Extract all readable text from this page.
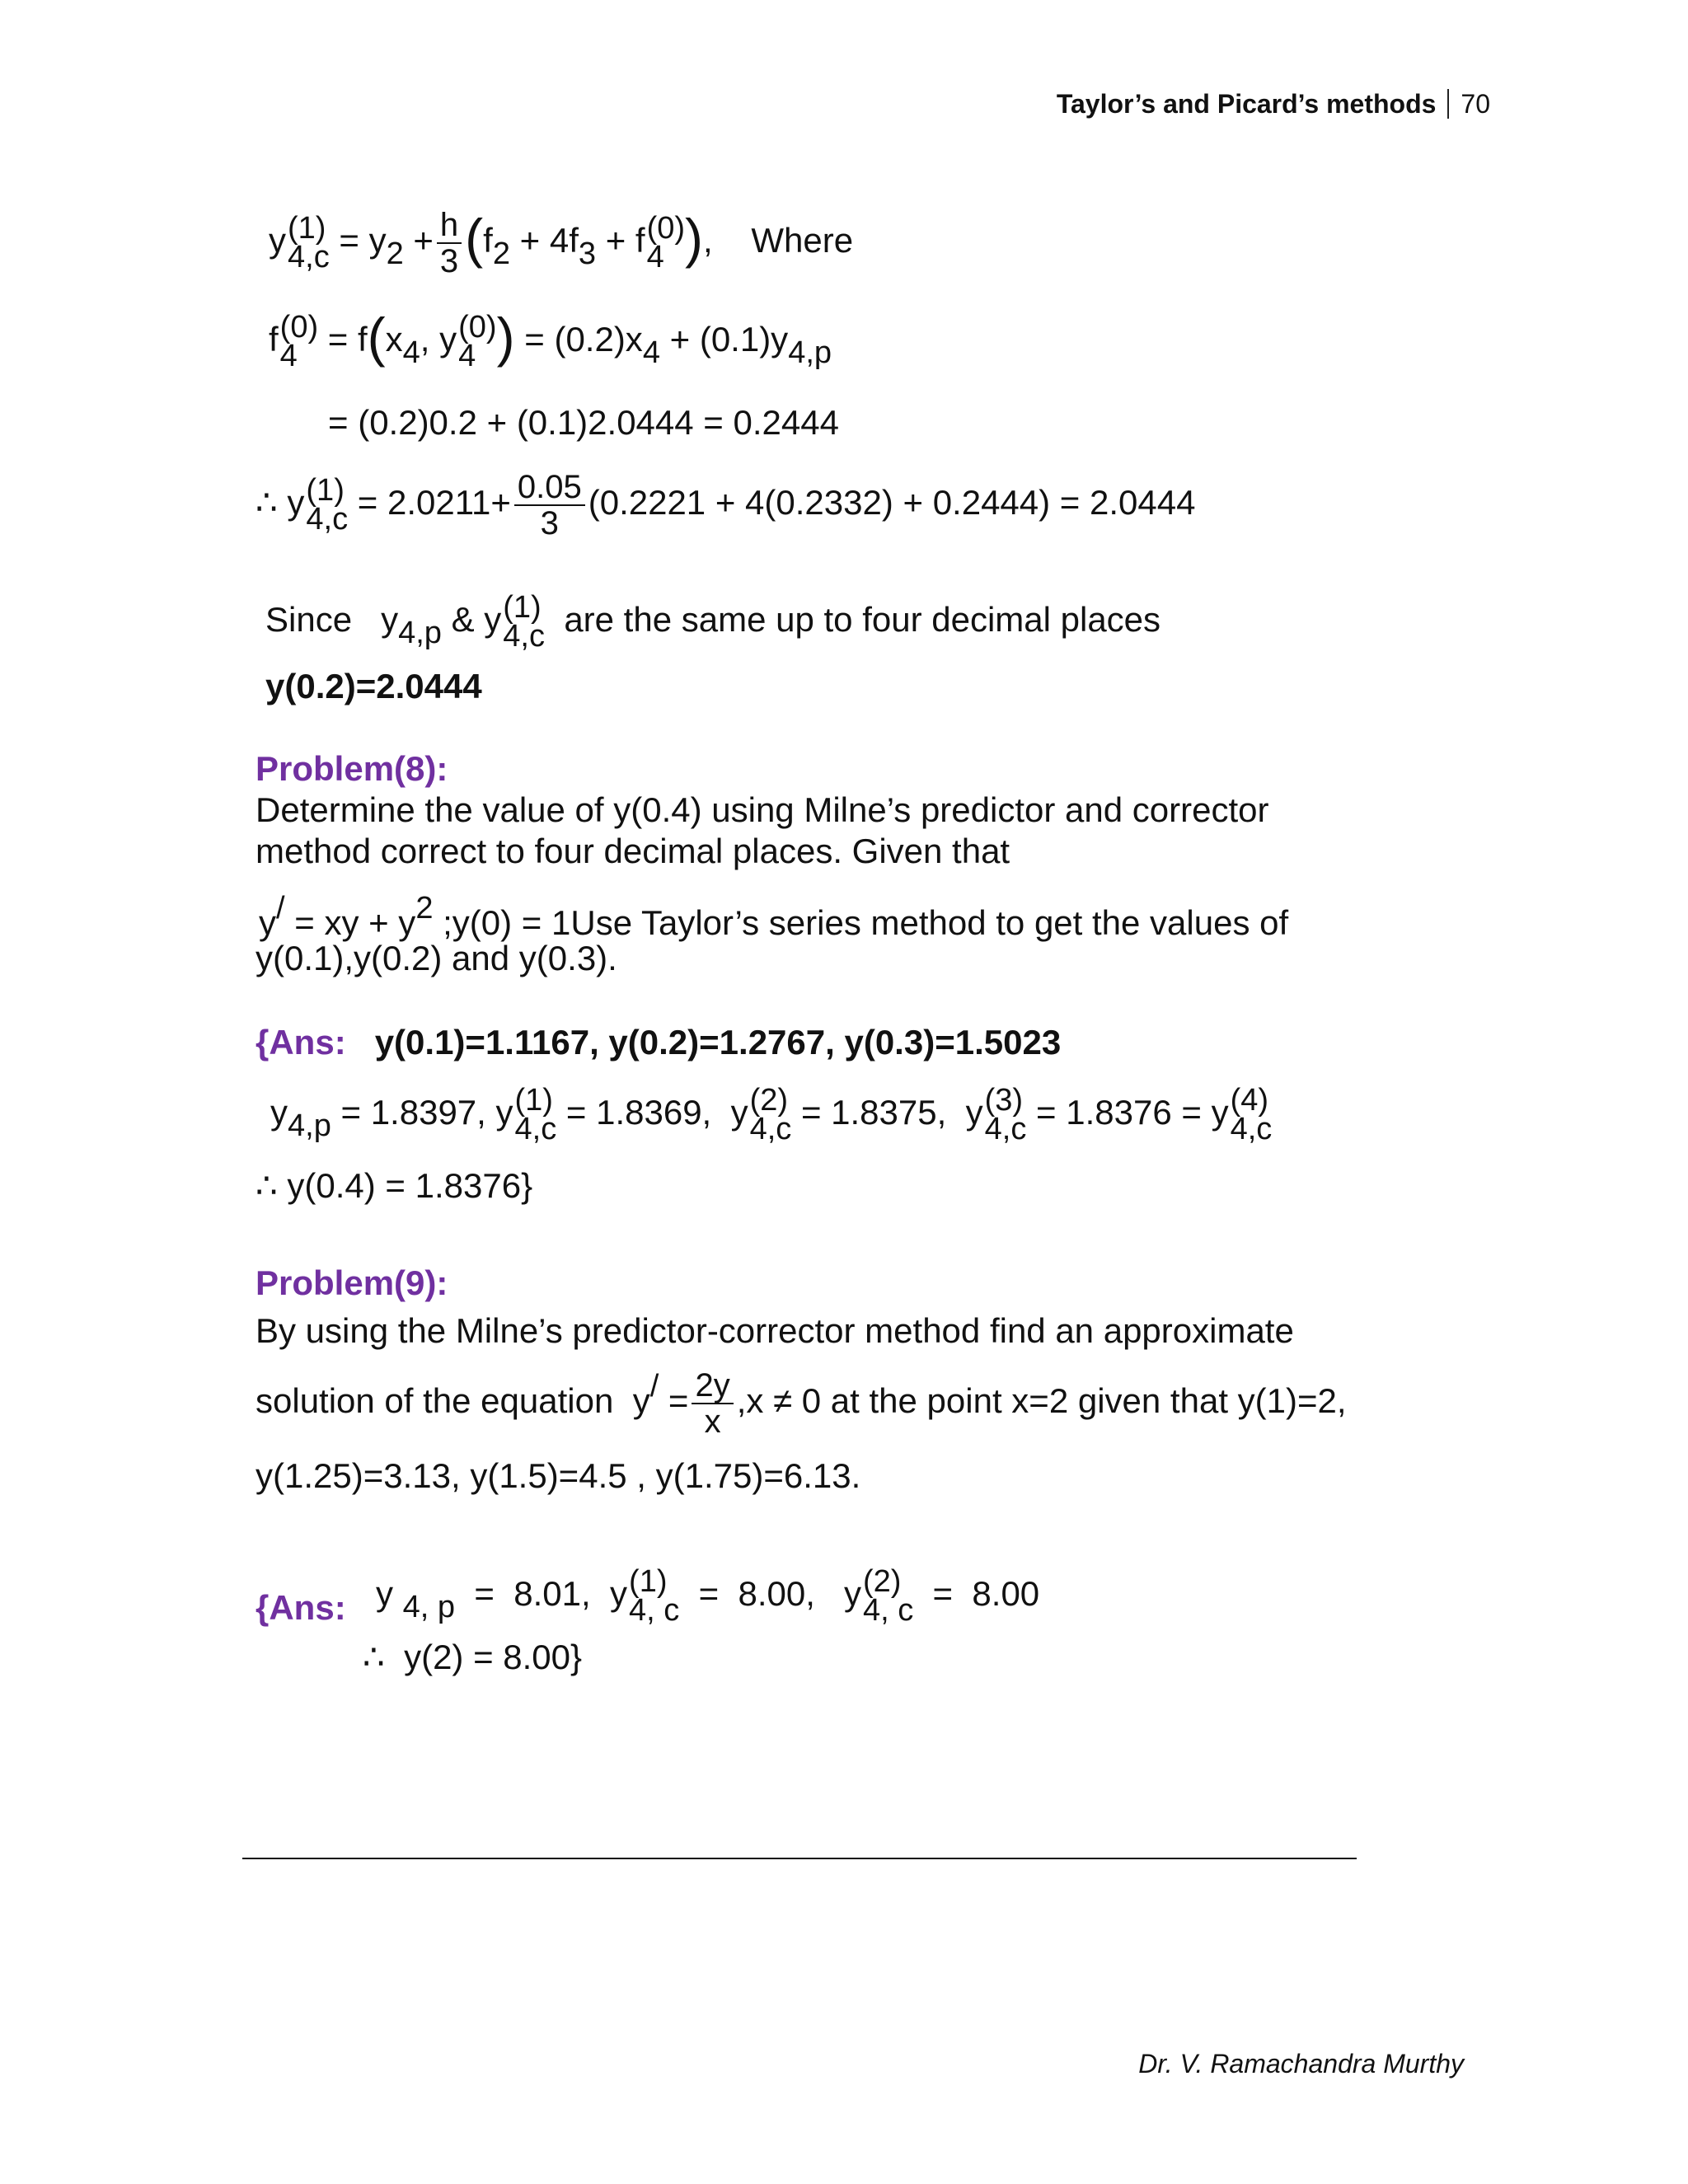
Taylor’s and Picard’s methods 70
y (1)
$4,c = y2 + \frac{h}{3} (f2 + 4f3 + f$ (0)
4 ), Where
f (0)
4 = f(x4, y (0)
4 ) = (0.2)x4 + (0.1)y4,p
= (0.2)0.2 + (0.1)2.0444 = 0.2444
∴ y (1)
$4,c = 2.0211+ \frac{0.05}{3} (0.2221 + 4(0.2332) + 0.2444) = 2.0444$
Since y4,p & y (1)
4,c are the same up to four decimal places
y(0.2)=2.0444
Problem(8):
Determine the value of y(0.4) using Milne’s predictor and corrector
method correct to four decimal places. Given that
y/ = xy + y2 ;y(0) = 1Use Taylor’s series method to get the values of
y(0.1),y(0.2) and y(0.3).
{Ans: y(0.1)=1.1167, y(0.2)=1.2767, y(0.3)=1.5023
y4,p = 1.8397, y (1)
4,c = 1.8369, y (2)
4,c = 1.8375, y (3)
4,c = 1.8376 = y (4)
4,c
∴ y(0.4) = 1.8376}
Problem(9):
By using the Milne’s predictor-corrector method find an approximate
solution of the equation $y/ = \frac{2y}{x} ,x \ne 0$ at the point x=2 given that y(1)=2,
y(1.25)=3.13, y(1.5)=4.5 , y(1.75)=6.13.
{Ans: y 4, p = 8.01, y (1)
4, c = 8.00, y (2)
4, c = 8.00
∴ y(2) = 8.00}
Dr. V. Ramachandra Murthy
